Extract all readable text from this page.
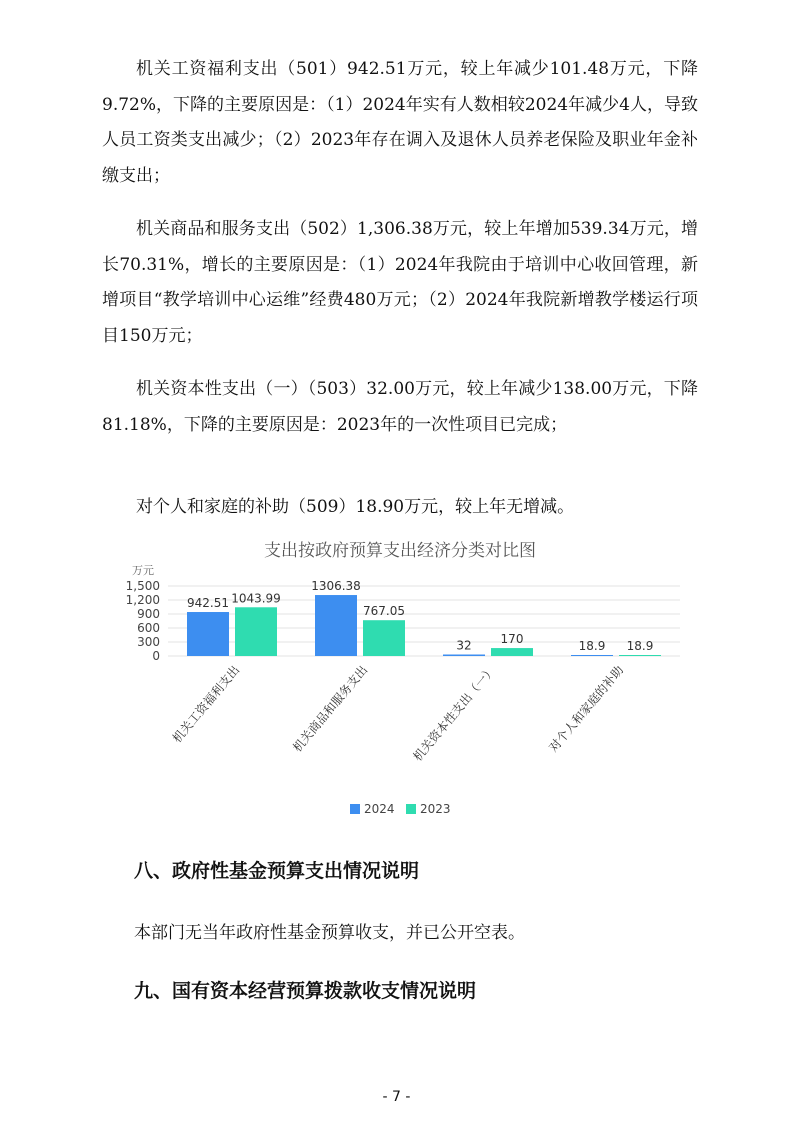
机关工资福利支出（501）942.51万元，较上年减少101.48万元，下降9.72%，下降的主要原因是：（1）2024年实有人数相较2024年减少4人，导致人员工资类支出减少；（2）2023年存在调入及退休人员养老保险及职业年金补缴支出；

机关商品和服务支出（502）1,306.38万元，较上年增加539.34万元，增长70.31%，增长的主要原因是：（1）2024年我院由于培训中心收回管理，新增项目“教学培训中心运维”经费480万元；（2）2024年我院新增教学楼运行项目150万元；

机关资本性支出（一）（503）32.00万元，较上年减少138.00万元，下降81.18%，下降的主要原因是：2023年的一次性项目已完成；

对个人和家庭的补助（509）18.90万元，较上年无增减。

支出按政府预算支出经济分类对比图
万元
0
300
600
900
1,200
1,500
942.51 1043.99
1306.38
767.05
32 170	18.9 18.9
机关工资福利支出	机关商品和服务支出	机关资本性支出（一）	对个人和家庭的补助
2024 2023
八、政府性基金预算支出情况说明

本部门无当年政府性基金预算收支，并已公开空表。

九、国有资本经营预算拨款收支情况说明
- 7 -
